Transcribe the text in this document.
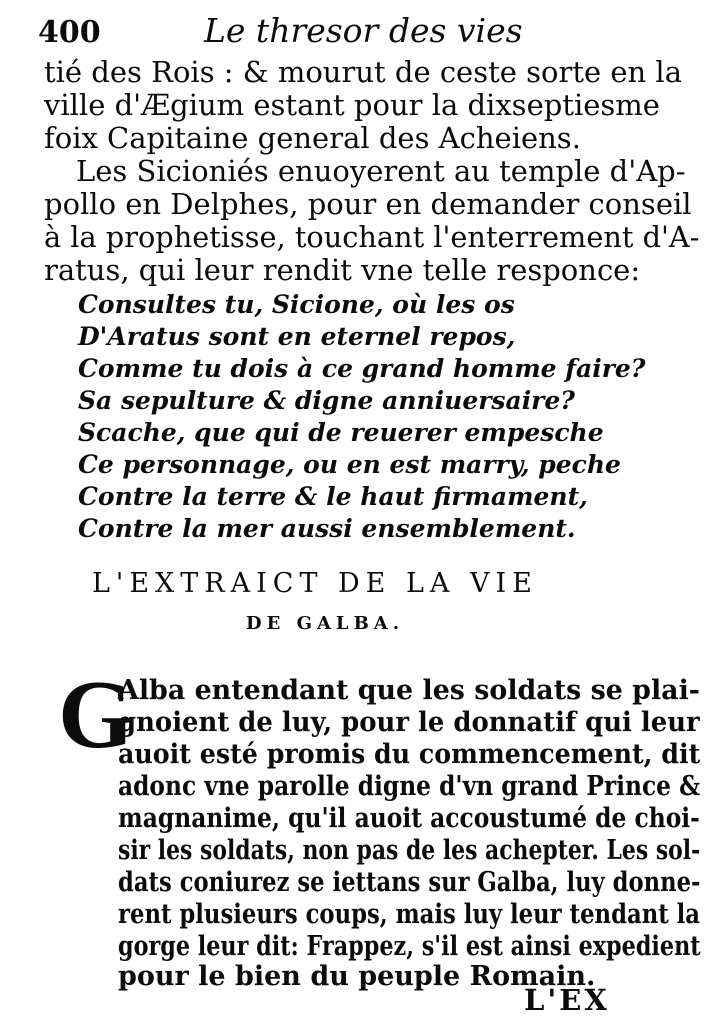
400	Le thresor des vies
tié des Rois : & mourut de ceste sorte en la
ville d'Ægium estant pour la dixseptiesme
foix Capitaine general des Acheiens.
Les Sicioniés enuoyerent au temple d'Ap-
pollo en Delphes, pour en demander conseil
à la prophetisse, touchant l'enterrement d'A-
ratus, qui leur rendit vne telle responce:
Consultes tu, Sicione, où les os
D'Aratus sont en eternel repos,
Comme tu dois à ce grand homme faire?
Sa sepulture & digne anniuersaire?
Scache, que qui de reuerer empesche
Ce personnage, ou en est marry, peche
Contre la terre & le haut firmament,
Contre la mer aussi ensemblement.
L'EXTRAICT DE LA VIE
DE GALBA.
G
Alba entendant que les soldats se plai-
gnoient de luy, pour le donnatif qui leur
auoit esté promis du commencement, dit
adonc vne parolle digne d'vn grand Prince &
magnanime, qu'il auoit accoustumé de choi-
sir les soldats, non pas de les achepter. Les sol-
dats coniurez se iettans sur Galba, luy donne-
rent plusieurs coups, mais luy leur tendant la
gorge leur dit: Frappez, s'il est ainsi expedient
pour le bien du peuple Romain.
L'EX
